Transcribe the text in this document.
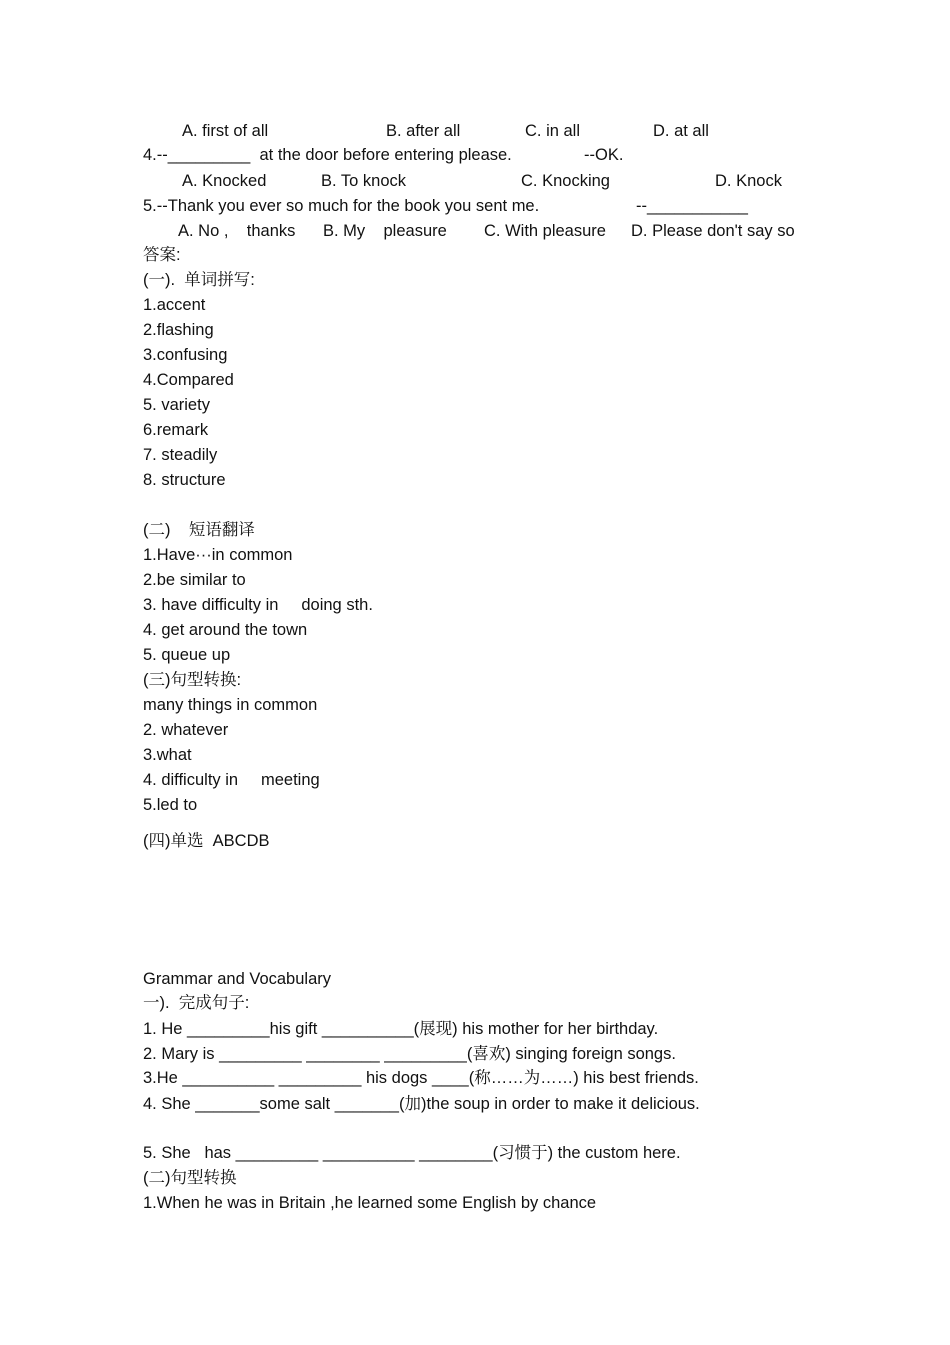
A. first of all	B. after all	C. in all	D. at all
4.--_________  at the door before entering please.	--OK.
A. Knocked	B. To knock	C. Knocking	D. Knock
5.--Thank you ever so much for the book you sent me.	--___________
A. No ,    thanks B. My    pleasure C. With pleasure D. Please don't say so
答案:
(一).  单词拼写:
1.accent
2.flashing
3.confusing
4.Compared
5. variety
6.remark
7. steadily
8. structure
(二)    短语翻译
1.Have···in common
2.be similar to
3. have difficulty in     doing sth.
4. get around the town
5. queue up
(三)句型转换:
many things in common
2. whatever
3.what
4. difficulty in     meeting
5.led to
(四)单选  ABCDB
Grammar and Vocabulary
一).  完成句子:
1. He _________his gift __________(展现) his mother for her birthday.
2. Mary is _________ ________ _________(喜欢) singing foreign songs.
3.He __________ _________ his dogs ____(称……为……) his best friends.
4. She _______some salt _______(加)the soup in order to make it delicious.
5. She   has _________ __________ ________(习惯于) the custom here.
(二)句型转换
1.When he was in Britain ,he learned some English by chance
